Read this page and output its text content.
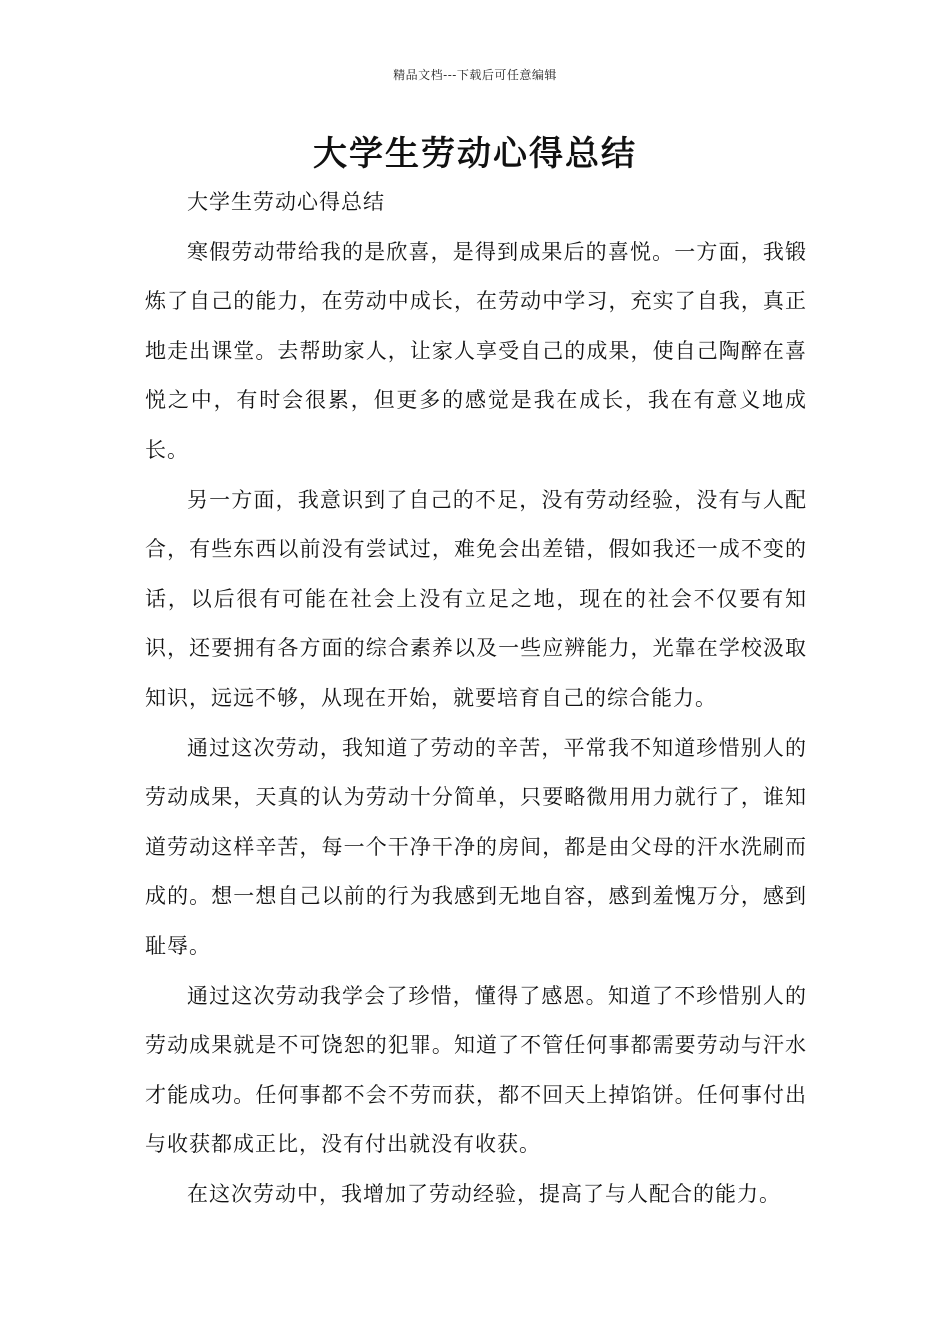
精品文档---下载后可任意编辑
大学生劳动心得总结

大学生劳动心得总结

寒假劳动带给我的是欣喜，是得到成果后的喜悦。一方面，我锻炼了自己的能力，在劳动中成长，在劳动中学习，充实了自我，真正地走出课堂。去帮助家人，让家人享受自己的成果，使自己陶醉在喜悦之中，有时会很累，但更多的感觉是我在成长，我在有意义地成长。

另一方面，我意识到了自己的不足，没有劳动经验，没有与人配合，有些东西以前没有尝试过，难免会出差错，假如我还一成不变的话，以后很有可能在社会上没有立足之地，现在的社会不仅要有知识，还要拥有各方面的综合素养以及一些应辨能力，光靠在学校汲取知识，远远不够，从现在开始，就要培育自己的综合能力。

通过这次劳动，我知道了劳动的辛苦，平常我不知道珍惜别人的劳动成果，天真的认为劳动十分简单，只要略微用用力就行了，谁知道劳动这样辛苦，每一个干净干净的房间，都是由父母的汗水洗刷而成的。想一想自己以前的行为我感到无地自容，感到羞愧万分，感到耻辱。

通过这次劳动我学会了珍惜，懂得了感恩。知道了不珍惜别人的劳动成果就是不可饶恕的犯罪。知道了不管任何事都需要劳动与汗水才能成功。任何事都不会不劳而获，都不回天上掉馅饼。任何事付出与收获都成正比，没有付出就没有收获。

在这次劳动中，我增加了劳动经验，提高了与人配合的能力。
